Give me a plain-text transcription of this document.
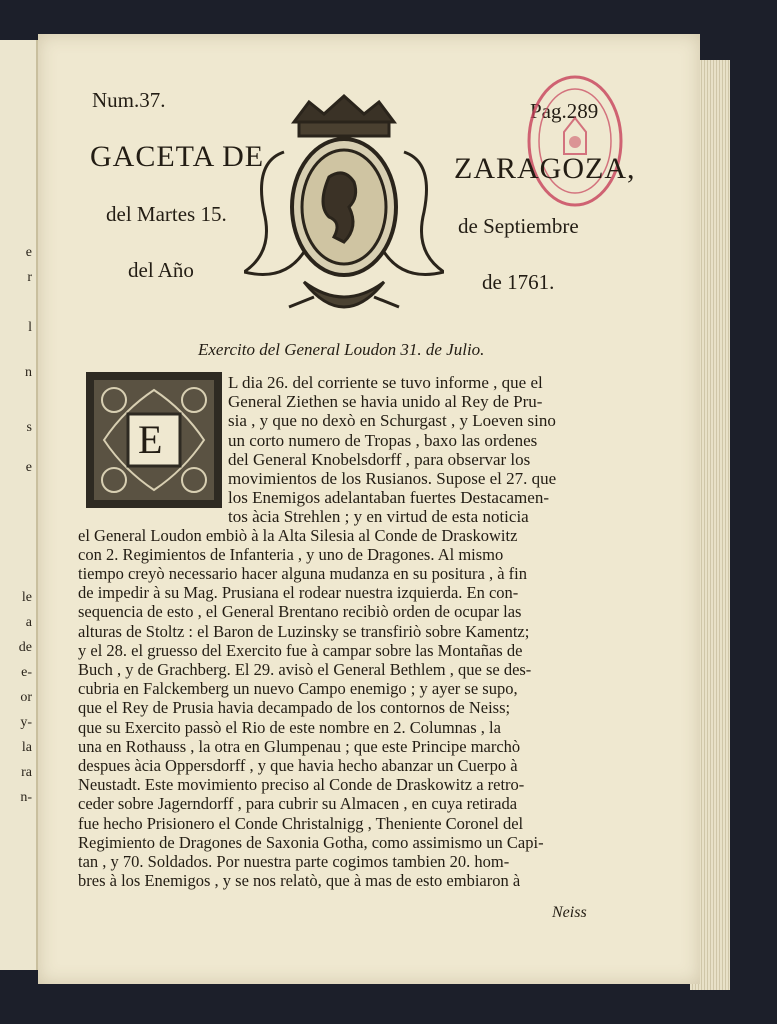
e
r
l
n
s
e
le
a
de
e-
or
y-
la
ra
n-
Num.37.	Pag.289
GACETA DE	ZARAGOZA,
del Martes 15.	de Septiembre
del Año	de 1761.
Exercito del General Loudon 31. de Julio.
E
L dia 26. del corriente se tuvo informe , que el
General Ziethen se havia unido al Rey de Pru-
sia , y que no dexò en Schurgast , y Loeven sino
un corto numero de Tropas , baxo las ordenes
del General Knobelsdorff , para observar los
movimientos de los Rusianos. Supose el 27. que
los Enemigos adelantaban fuertes Destacamen-
tos àcia Strehlen ; y en virtud de esta noticia
el General Loudon embiò à la Alta Silesia al Conde de Draskowitz
con 2. Regimientos de Infanteria , y uno de Dragones. Al mismo
tiempo creyò necessario hacer alguna mudanza en su positura , à fin
de impedir à su Mag. Prusiana el rodear nuestra izquierda. En con-
sequencia de esto , el General Brentano recibiò orden de ocupar las
alturas de Stoltz : el Baron de Luzinsky se transfiriò sobre Kamentz;
y el 28. el gruesso del Exercito fue à campar sobre las Montañas de
Buch , y de Grachberg. El 29. avisò el General Bethlem , que se des-
cubria en Falckemberg un nuevo Campo enemigo ; y ayer se supo,
que el Rey de Prusia havia decampado de los contornos de Neiss;
que su Exercito passò el Rio de este nombre en 2. Columnas , la
una en Rothauss , la otra en Glumpenau ; que este Principe marchò
despues àcia Oppersdorff , y que havia hecho abanzar un Cuerpo à
Neustadt. Este movimiento preciso al Conde de Draskowitz a retro-
ceder sobre Jagerndorff , para cubrir su Almacen , en cuya retirada
fue hecho Prisionero el Conde Christalnigg , Theniente Coronel del
Regimiento de Dragones de Saxonia Gotha, como assimismo un Capi-
tan , y 70. Soldados. Por nuestra parte cogimos tambien 20. hom-
bres à los Enemigos , y se nos relatò, que à mas de esto embiaron à
Neiss
